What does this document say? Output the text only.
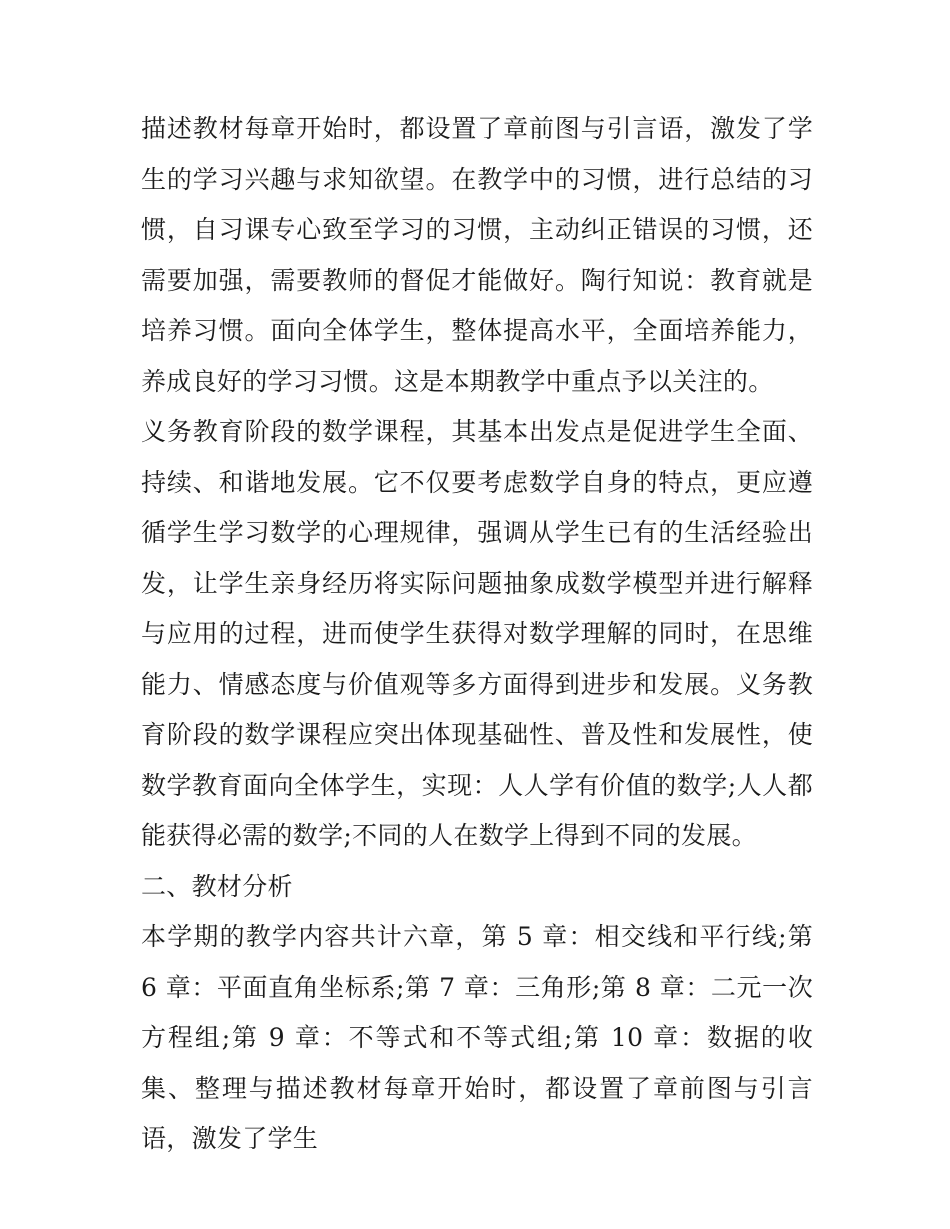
描述教材每章开始时，都设置了章前图与引言语，激发了学生的学习兴趣与求知欲望。在教学中的习惯，进行总结的习惯，自习课专心致至学习的习惯，主动纠正错误的习惯，还需要加强，需要教师的督促才能做好。陶行知说：教育就是培养习惯。面向全体学生，整体提高水平，全面培养能力，养成良好的学习习惯。这是本期教学中重点予以关注的。

义务教育阶段的数学课程，其基本出发点是促进学生全面、持续、和谐地发展。它不仅要考虑数学自身的特点，更应遵循学生学习数学的心理规律，强调从学生已有的生活经验出发，让学生亲身经历将实际问题抽象成数学模型并进行解释与应用的过程，进而使学生获得对数学理解的同时，在思维能力、情感态度与价值观等多方面得到进步和发展。义务教育阶段的数学课程应突出体现基础性、普及性和发展性，使数学教育面向全体学生，实现：人人学有价值的数学;人人都能获得必需的数学;不同的人在数学上得到不同的发展。

二、教材分析

本学期的教学内容共计六章，第 5 章：相交线和平行线;第 6 章：平面直角坐标系;第 7 章：三角形;第 8 章：二元一次方程组;第 9 章：不等式和不等式组;第 10 章：数据的收集、整理与描述教材每章开始时，都设置了章前图与引言语，激发了学生
